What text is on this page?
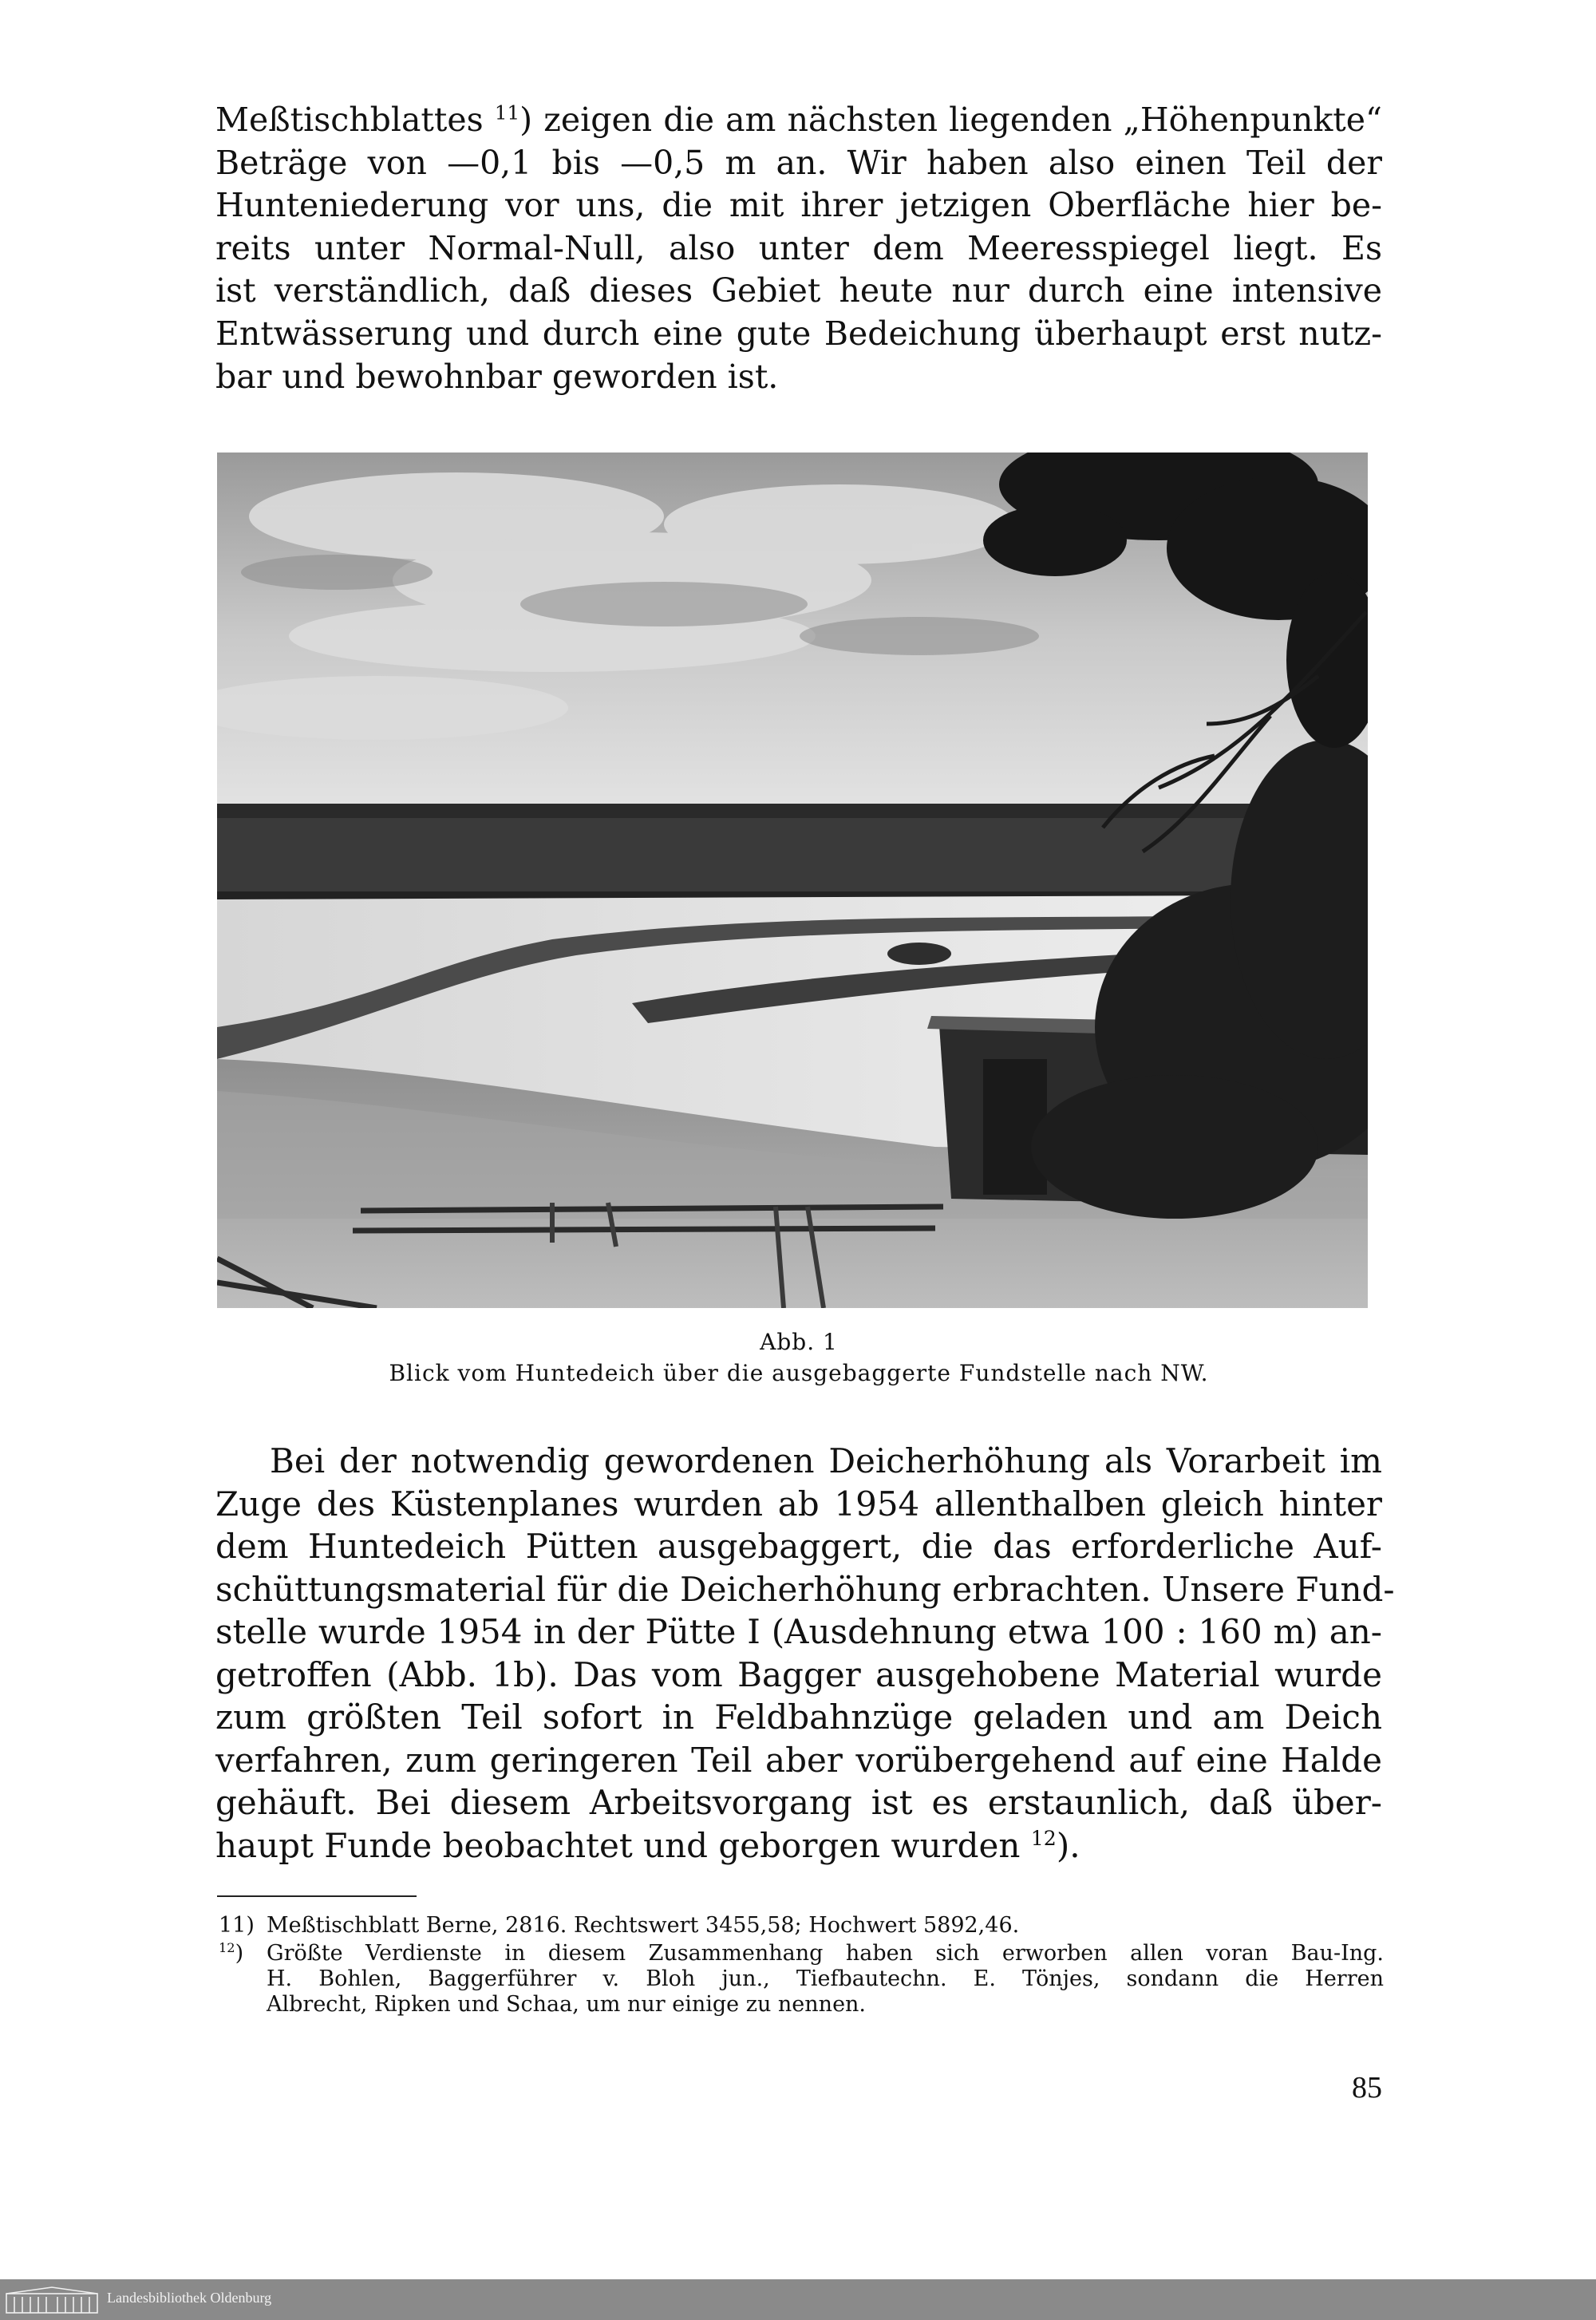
Meßtischblattes $^{11}$) zeigen die am nächsten liegenden „Höhenpunkte“
Beträge von —0,1 bis —0,5 m an. Wir haben also einen Teil der
Hunteniederung vor uns, die mit ihrer jetzigen Oberfläche hier be-
reits unter Normal-Null, also unter dem Meeresspiegel liegt. Es
ist verständlich, daß dieses Gebiet heute nur durch eine intensive
Entwässerung und durch eine gute Bedeichung überhaupt erst nutz-
bar und bewohnbar geworden ist.
Abb. 1
Blick vom Huntedeich über die ausgebaggerte Fundstelle nach NW.
Bei der notwendig gewordenen Deicherhöhung als Vorarbeit im
Zuge des Küstenplanes wurden ab 1954 allenthalben gleich hinter
dem Huntedeich Pütten ausgebaggert, die das erforderliche Auf-
schüttungsmaterial für die Deicherhöhung erbrachten. Unsere Fund-
stelle wurde 1954 in der Pütte I (Ausdehnung etwa 100 : 160 m) an-
getroffen (Abb. 1b). Das vom Bagger ausgehobene Material wurde
zum größten Teil sofort in Feldbahnzüge geladen und am Deich
verfahren, zum geringeren Teil aber vorübergehend auf eine Halde
gehäuft. Bei diesem Arbeitsvorgang ist es erstaunlich, daß über-
haupt Funde beobachtet und geborgen wurden $^{12}$).
11) Meßtischblatt Berne, 2816. Rechtswert 3455,58; Hochwert 5892,46.
$^{12}$) Größte Verdienste in diesem Zusammenhang haben sich erworben allen voran Bau-Ing.
H. Bohlen, Baggerführer v. Bloh jun., Tiefbautechn. E. Tönjes, sondann die Herren
Albrecht, Ripken und Schaa, um nur einige zu nennen.
85
Landesbibliothek Oldenburg
